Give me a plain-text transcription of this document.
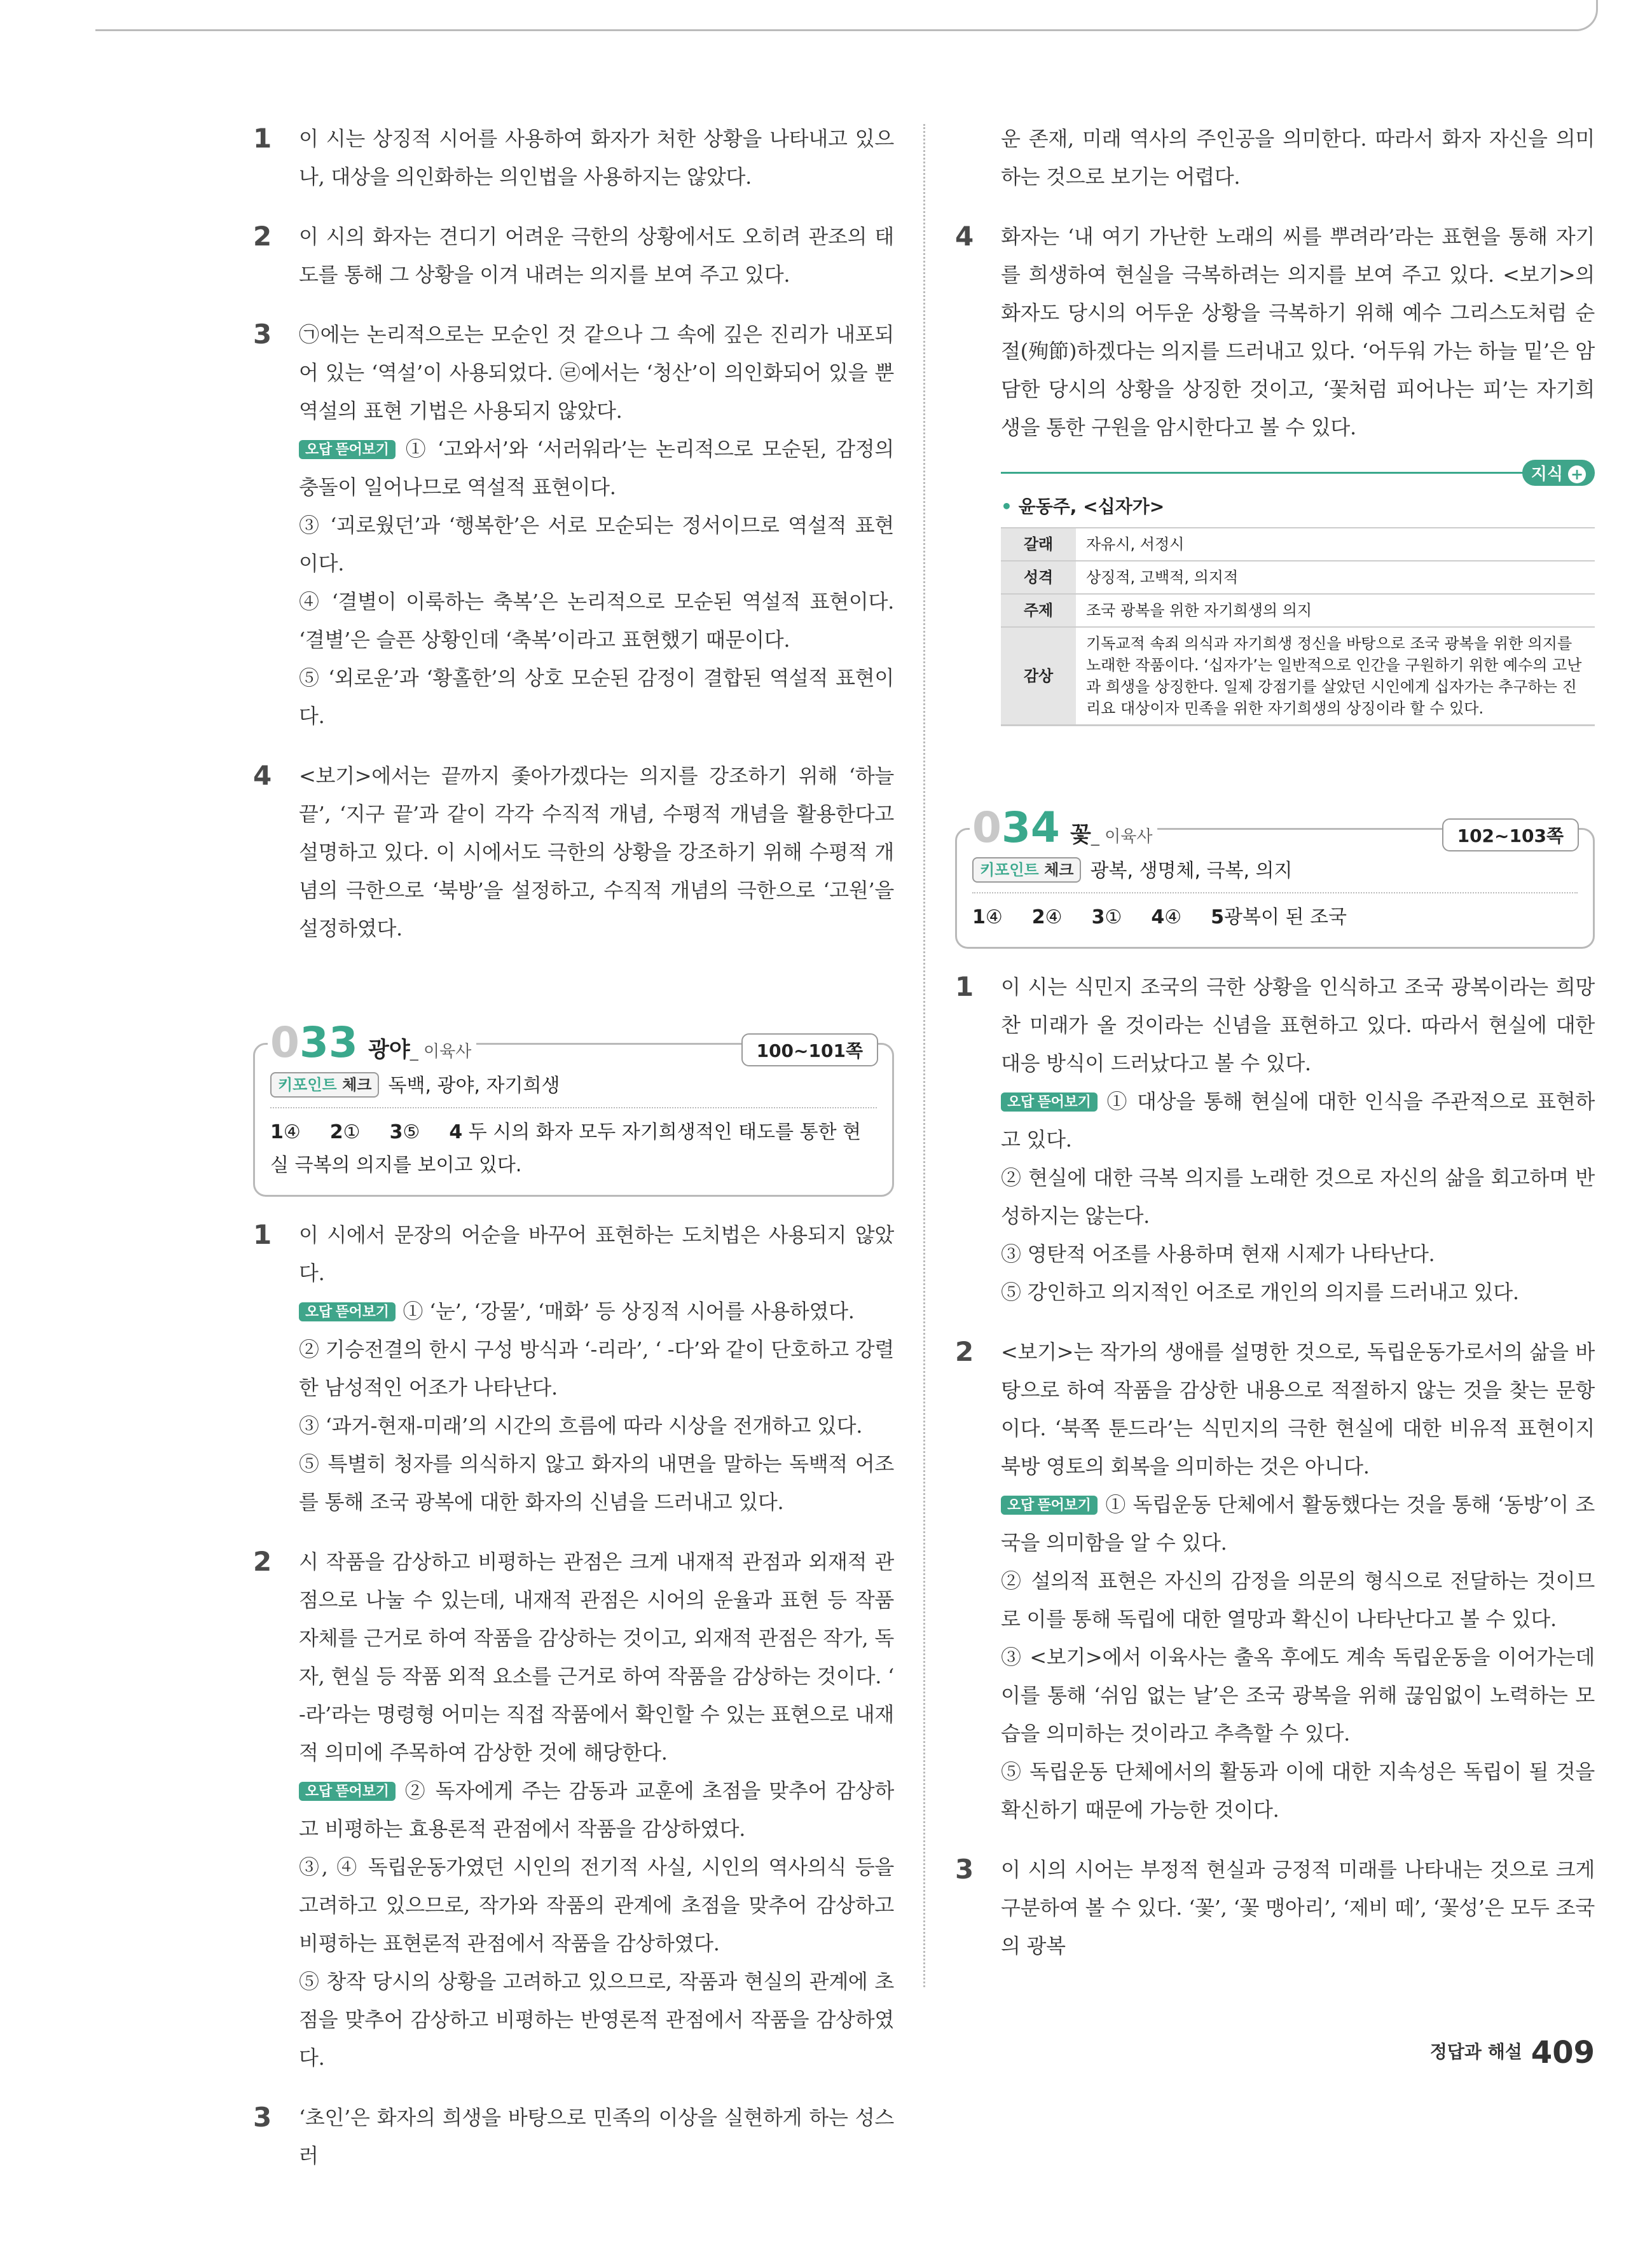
1 이 시는 상징적 시어를 사용하여 화자가 처한 상황을 나타내고 있으나, 대상을 의인화하는 의인법을 사용하지는 않았다.

2 이 시의 화자는 견디기 어려운 극한의 상황에서도 오히려 관조의 태도를 통해 그 상황을 이겨 내려는 의지를 보여 주고 있다.

3 ㉠에는 논리적으로는 모순인 것 같으나 그 속에 깊은 진리가 내포되어 있는 ‘역설’이 사용되었다. ㉣에서는 ‘청산’이 의인화되어 있을 뿐 역설의 표현 기법은 사용되지 않았다.

오답 뜯어보기 ① ‘고와서’와 ‘서러워라’는 논리적으로 모순된, 감정의 충돌이 일어나므로 역설적 표현이다.

③ ‘괴로웠던’과 ‘행복한’은 서로 모순되는 정서이므로 역설적 표현이다.

④ ‘결별이 이룩하는 축복’은 논리적으로 모순된 역설적 표현이다. ‘결별’은 슬픈 상황인데 ‘축복’이라고 표현했기 때문이다.

⑤ ‘외로운’과 ‘황홀한’의 상호 모순된 감정이 결합된 역설적 표현이다.

4 <보기>에서는 끝까지 좇아가겠다는 의지를 강조하기 위해 ‘하늘 끝’, ‘지구 끝’과 같이 각각 수직적 개념, 수평적 개념을 활용한다고 설명하고 있다. 이 시에서도 극한의 상황을 강조하기 위해 수평적 개념의 극한으로 ‘북방’을 설정하고, 수직적 개념의 극한으로 ‘고원’을 설정하였다.

033 광야_ 이육사	100~101쪽
키포인트 체크 독백, 광야, 자기희생
1④ 2① 3⑤ 4 두 시의 화자 모두 자기희생적인 태도를 통한 현실 극복의 의지를 보이고 있다.
1 이 시에서 문장의 어순을 바꾸어 표현하는 도치법은 사용되지 않았다.

오답 뜯어보기 ① ‘눈’, ‘강물’, ‘매화’ 등 상징적 시어를 사용하였다.

② 기승전결의 한시 구성 방식과 ‘-리라’, ‘ -다’와 같이 단호하고 강렬한 남성적인 어조가 나타난다.

③ ‘과거-현재-미래’의 시간의 흐름에 따라 시상을 전개하고 있다.

⑤ 특별히 청자를 의식하지 않고 화자의 내면을 말하는 독백적 어조를 통해 조국 광복에 대한 화자의 신념을 드러내고 있다.

2 시 작품을 감상하고 비평하는 관점은 크게 내재적 관점과 외재적 관점으로 나눌 수 있는데, 내재적 관점은 시어의 운율과 표현 등 작품 자체를 근거로 하여 작품을 감상하는 것이고, 외재적 관점은 작가, 독자, 현실 등 작품 외적 요소를 근거로 하여 작품을 감상하는 것이다. ‘ -라’라는 명령형 어미는 직접 작품에서 확인할 수 있는 표현으로 내재적 의미에 주목하여 감상한 것에 해당한다.

오답 뜯어보기 ② 독자에게 주는 감동과 교훈에 초점을 맞추어 감상하고 비평하는 효용론적 관점에서 작품을 감상하였다.

③, ④ 독립운동가였던 시인의 전기적 사실, 시인의 역사의식 등을 고려하고 있으므로, 작가와 작품의 관계에 초점을 맞추어 감상하고 비평하는 표현론적 관점에서 작품을 감상하였다.

⑤ 창작 당시의 상황을 고려하고 있으므로, 작품과 현실의 관계에 초점을 맞추어 감상하고 비평하는 반영론적 관점에서 작품을 감상하였다.

3 ‘초인’은 화자의 희생을 바탕으로 민족의 이상을 실현하게 하는 성스러

운 존재, 미래 역사의 주인공을 의미한다. 따라서 화자 자신을 의미하는 것으로 보기는 어렵다.

4 화자는 ‘내 여기 가난한 노래의 씨를 뿌려라’라는 표현을 통해 자기를 희생하여 현실을 극복하려는 의지를 보여 주고 있다. <보기>의 화자도 당시의 어두운 상황을 극복하기 위해 예수 그리스도처럼 순절(殉節)하겠다는 의지를 드러내고 있다. ‘어두워 가는 하늘 밑’은 암담한 당시의 상황을 상징한 것이고, ‘꽃처럼 피어나는 피’는 자기희생을 통한 구원을 암시한다고 볼 수 있다.

지식 +
• 윤동주, <십자가>
갈래	자유시, 서정시
성격	상징적, 고백적, 의지적
주제	조국 광복을 위한 자기희생의 의지
감상	기독교적 속죄 의식과 자기희생 정신을 바탕으로 조국 광복을 위한 의지를 노래한 작품이다. ‘십자가’는 일반적으로 인간을 구원하기 위한 예수의 고난과 희생을 상징한다. 일제 강점기를 살았던 시인에게 십자가는 추구하는 진리요 대상이자 민족을 위한 자기희생의 상징이라 할 수 있다.
034 꽃_ 이육사	102~103쪽
키포인트 체크 광복, 생명체, 극복, 의지
1④ 2④ 3① 4④ 5광복이 된 조국
1 이 시는 식민지 조국의 극한 상황을 인식하고 조국 광복이라는 희망찬 미래가 올 것이라는 신념을 표현하고 있다. 따라서 현실에 대한 대응 방식이 드러났다고 볼 수 있다.

오답 뜯어보기 ① 대상을 통해 현실에 대한 인식을 주관적으로 표현하고 있다.

② 현실에 대한 극복 의지를 노래한 것으로 자신의 삶을 회고하며 반성하지는 않는다.

③ 영탄적 어조를 사용하며 현재 시제가 나타난다.

⑤ 강인하고 의지적인 어조로 개인의 의지를 드러내고 있다.

2 <보기>는 작가의 생애를 설명한 것으로, 독립운동가로서의 삶을 바탕으로 하여 작품을 감상한 내용으로 적절하지 않는 것을 찾는 문항이다. ‘북쪽 툰드라’는 식민지의 극한 현실에 대한 비유적 표현이지 북방 영토의 회복을 의미하는 것은 아니다.

오답 뜯어보기 ① 독립운동 단체에서 활동했다는 것을 통해 ‘동방’이 조국을 의미함을 알 수 있다.

② 설의적 표현은 자신의 감정을 의문의 형식으로 전달하는 것이므로 이를 통해 독립에 대한 열망과 확신이 나타난다고 볼 수 있다.

③ <보기>에서 이육사는 출옥 후에도 계속 독립운동을 이어가는데 이를 통해 ‘쉬임 없는 날’은 조국 광복을 위해 끊임없이 노력하는 모습을 의미하는 것이라고 추측할 수 있다.

⑤ 독립운동 단체에서의 활동과 이에 대한 지속성은 독립이 될 것을 확신하기 때문에 가능한 것이다.

3 이 시의 시어는 부정적 현실과 긍정적 미래를 나타내는 것으로 크게 구분하여 볼 수 있다. ‘꽃’, ‘꽃 맹아리’, ‘제비 떼’, ‘꽃성’은 모두 조국의 광복

정답과 해설 409
